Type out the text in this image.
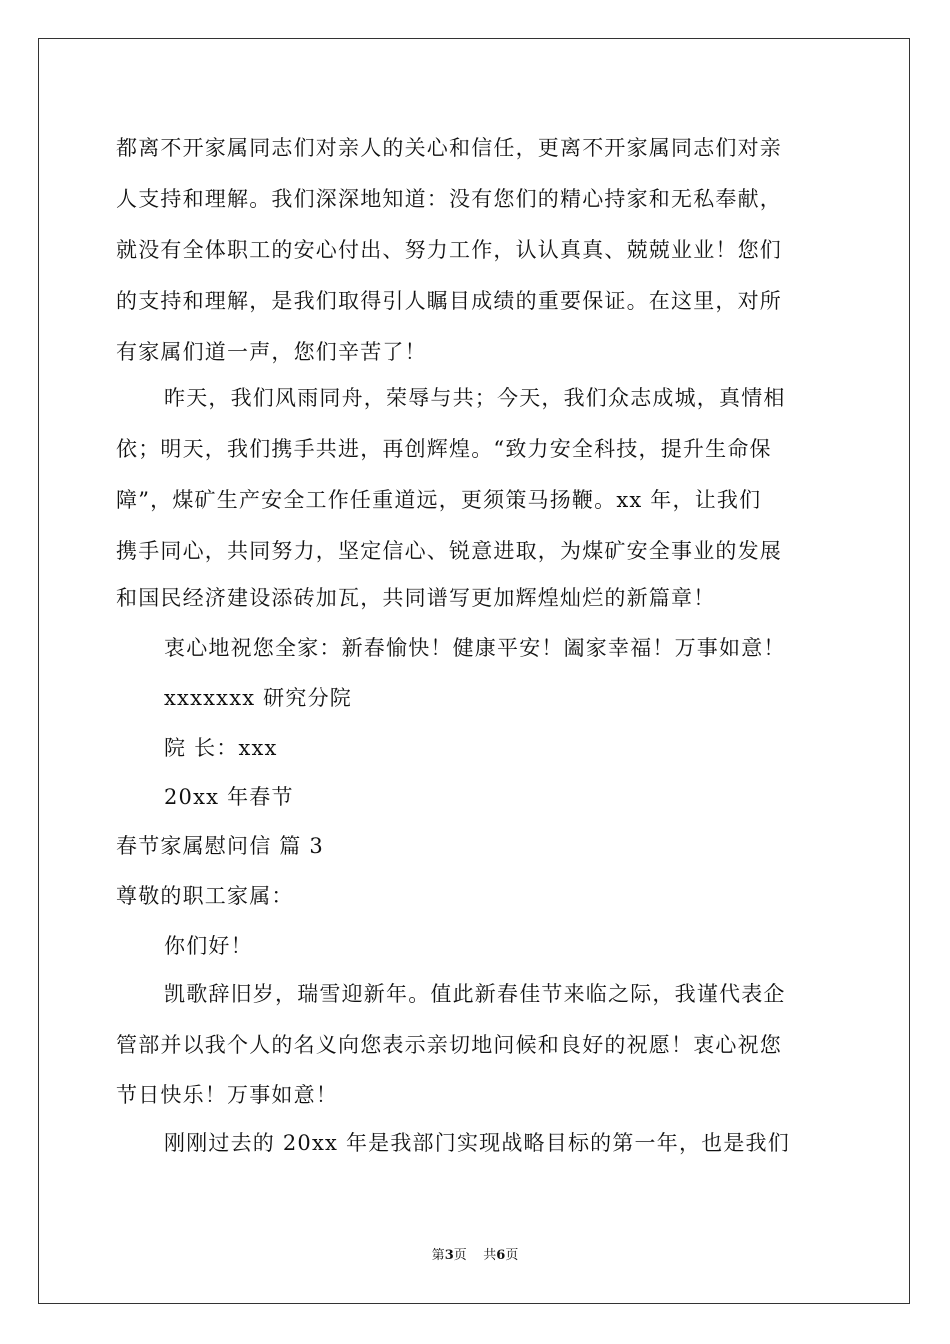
都离不开家属同志们对亲人的关心和信任，更离不开家属同志们对亲
人支持和理解。我们深深地知道：没有您们的精心持家和无私奉献，
就没有全体职工的安心付出、努力工作，认认真真、兢兢业业！您们
的支持和理解，是我们取得引人瞩目成绩的重要保证。在这里，对所
有家属们道一声，您们辛苦了！
昨天，我们风雨同舟，荣辱与共；今天，我们众志成城，真情相
依；明天，我们携手共进，再创辉煌。“致力安全科技，提升生命保
障”，煤矿生产安全工作任重道远，更须策马扬鞭。xx 年，让我们
携手同心，共同努力，坚定信心、锐意进取，为煤矿安全事业的发展
和国民经济建设添砖加瓦，共同谱写更加辉煌灿烂的新篇章！
衷心地祝您全家：新春愉快！健康平安！阖家幸福！万事如意！
xxxxxxx 研究分院
院 长：xxx
20xx 年春节
春节家属慰问信 篇 3
尊敬的职工家属：
你们好！
凯歌辞旧岁，瑞雪迎新年。值此新春佳节来临之际，我谨代表企
管部并以我个人的名义向您表示亲切地问候和良好的祝愿！衷心祝您
节日快乐！万事如意！
刚刚过去的 20xx 年是我部门实现战略目标的第一年，也是我们
第3页    共6页
